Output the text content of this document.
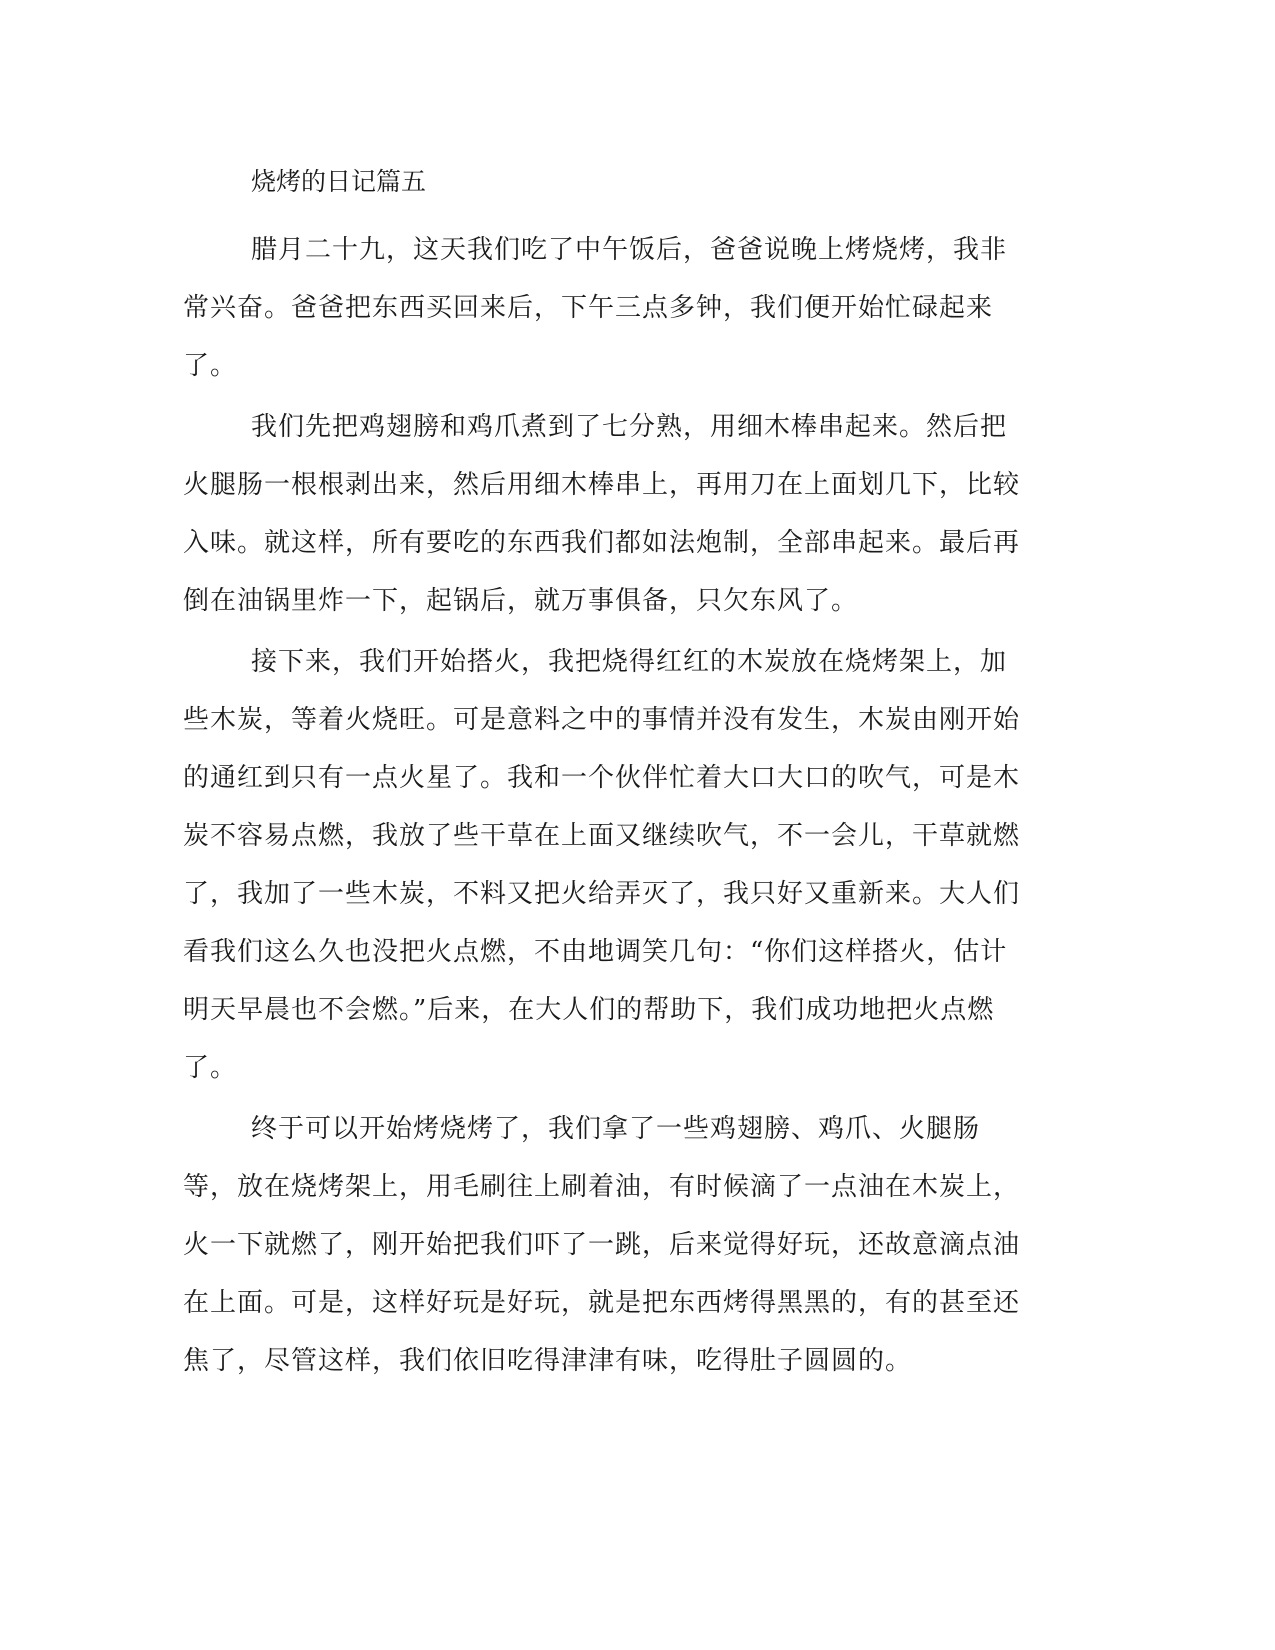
烧烤的日记篇五

腊月二十九，这天我们吃了中午饭后，爸爸说晚上烤烧烤，我非常兴奋。爸爸把东西买回来后，下午三点多钟，我们便开始忙碌起来了。

我们先把鸡翅膀和鸡爪煮到了七分熟，用细木棒串起来。然后把火腿肠一根根剥出来，然后用细木棒串上，再用刀在上面划几下，比较入味。就这样，所有要吃的东西我们都如法炮制，全部串起来。最后再倒在油锅里炸一下，起锅后，就万事俱备，只欠东风了。

接下来，我们开始搭火，我把烧得红红的木炭放在烧烤架上，加些木炭，等着火烧旺。可是意料之中的事情并没有发生，木炭由刚开始的通红到只有一点火星了。我和一个伙伴忙着大口大口的吹气，可是木炭不容易点燃，我放了些干草在上面又继续吹气，不一会儿，干草就燃了，我加了一些木炭，不料又把火给弄灭了，我只好又重新来。大人们看我们这么久也没把火点燃，不由地调笑几句：“你们这样搭火，估计明天早晨也不会燃。”后来，在大人们的帮助下，我们成功地把火点燃了。

终于可以开始烤烧烤了，我们拿了一些鸡翅膀、鸡爪、火腿肠等，放在烧烤架上，用毛刷往上刷着油，有时候滴了一点油在木炭上，火一下就燃了，刚开始把我们吓了一跳，后来觉得好玩，还故意滴点油在上面。可是，这样好玩是好玩，就是把东西烤得黑黑的，有的甚至还焦了，尽管这样，我们依旧吃得津津有味，吃得肚子圆圆的。
